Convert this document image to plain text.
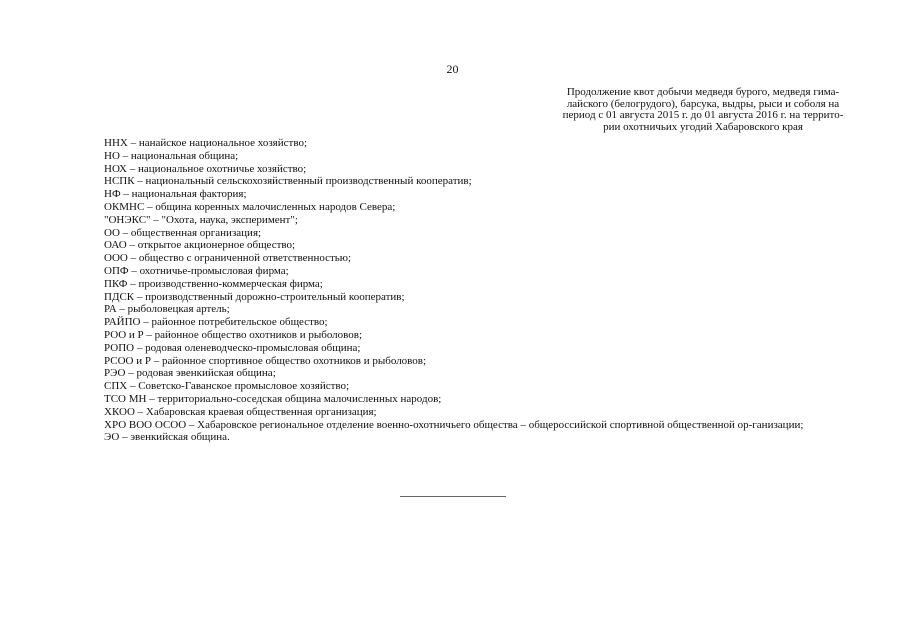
20
Продолжение квот добычи медведя бурого, медведя гима-
лайского (белогрудого), барсука, выдры, рыси и соболя на
период с 01 августа 2015 г. до 01 августа 2016 г. на террито-
рии охотничьих угодий Хабаровского края
ННХ – нанайское национальное хозяйство;
НО – национальная община;
НОХ – национальное охотничье хозяйство;
НСПК – национальный сельскохозяйственный производственный кооператив;
НФ – национальная фактория;
ОКМНС – община коренных малочисленных народов Севера;
"ОНЭКС" – "Охота, наука, эксперимент";
ОО – общественная организация;
ОАО – открытое акционерное общество;
ООО – общество с ограниченной ответственностью;
ОПФ – охотничье-промысловая фирма;
ПКФ – производственно-коммерческая фирма;
ПДСК – производственный дорожно-строительный кооператив;
РА – рыболовецкая артель;
РАЙПО – районное потребительское общество;
РОО и Р – районное общество охотников и рыболовов;
РОПО – родовая оленеводческо-промысловая община;
РСОО и Р – районное спортивное общество охотников и рыболовов;
РЭО – родовая эвенкийская община;
СПХ – Советско-Гаванское промысловое хозяйство;
ТСО МН – территориально-соседская община малочисленных народов;
ХКОО – Хабаровская краевая общественная организация;
ХРО ВОО ОСОО – Хабаровское региональное отделение военно-охотничьего общества – общероссийской спортивной общественной ор-ганизации;
ЭО – эвенкийская община.
